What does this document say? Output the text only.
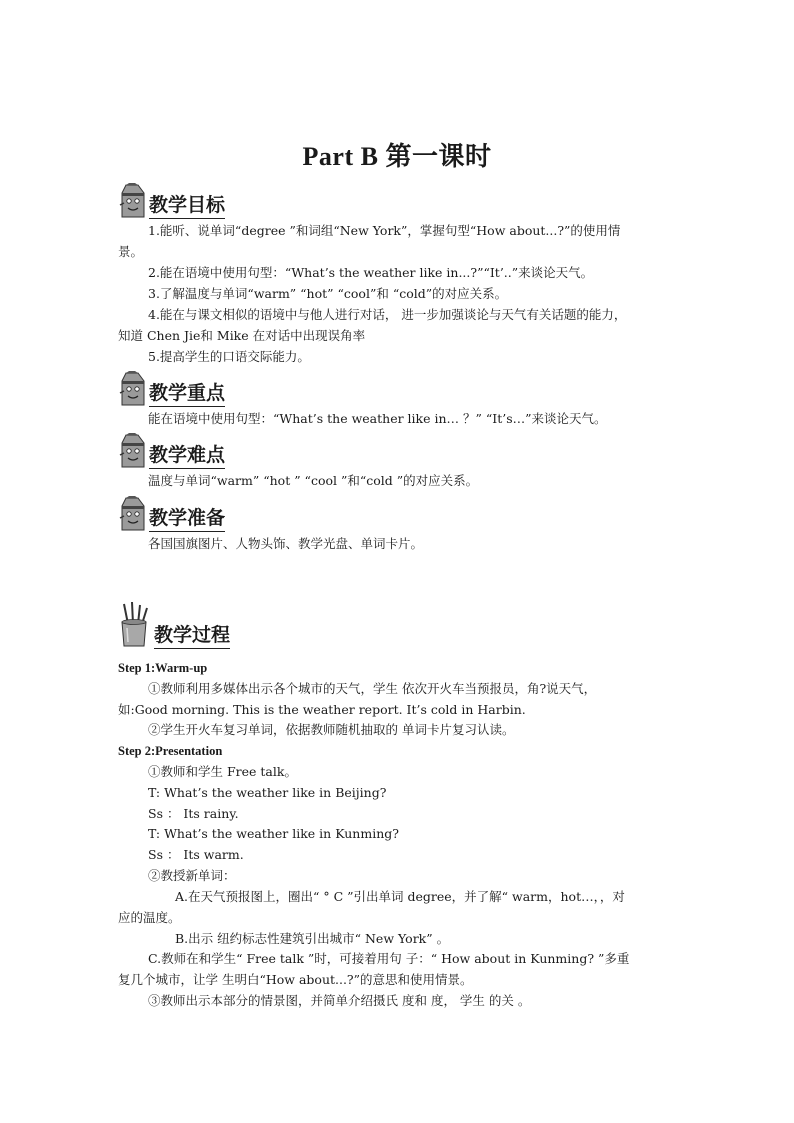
Part B 第一课时
教学目标
1.能听、说单词“degree ”和词组“New York”，掌握句型“How about...?”的使用情
景。
2.能在语境中使用句型：“What’s the weather like in...?”“It’..”来谈论天气。
3.了解温度与单词“warm” “hot” “cool”和 “cold”的对应关系。
4.能在与课文相似的语境中与他人进行对话， 进一步加强谈论与天气有关话题的能力，
知道 Chen Jie和 Mike 在对话中出现误角率
5.提高学生的口语交际能力。
教学重点
能在语境中使用句型：“What’s the weather like in… ？” “It’s…”来谈论天气。
教学难点
温度与单词“warm” “hot ” “cool ”和“cold ”的对应关系。
教学准备
各国国旗图片、人物头饰、教学光盘、单词卡片。
教学过程
Step 1:Warm-up
①教师利用多媒体出示各个城市的天气，学生 依次开火车当预报员，角?说天气，
如:Good morning. This is the weather report. It’s cold in Harbin.
②学生开火车复习单词，依据教师随机抽取的 单词卡片复习认读。
Step 2:Presentation
①教师和学生 Free talk。
T: What’s the weather like in Beijing?
Ss ： Its rainy.
T: What’s the weather like in Kunming?
Ss ： Its warm.
②教授新单词：
A.在天气预报图上，圈出“ ° C ”引出单词 degree，并了解“ warm，hot…，，对
应的温度。
B.出示 纽约标志性建筑引出城市“ New York” 。
C.教师在和学生“ Free talk ”时，可接着用句 子：“ How about in Kunming? ”多重
复几个城市，让学 生明白“How about...?”的意思和使用情景。
③教师出示本部分的情景图，并简单介绍摄氏 度和 度， 学生 的关 。
